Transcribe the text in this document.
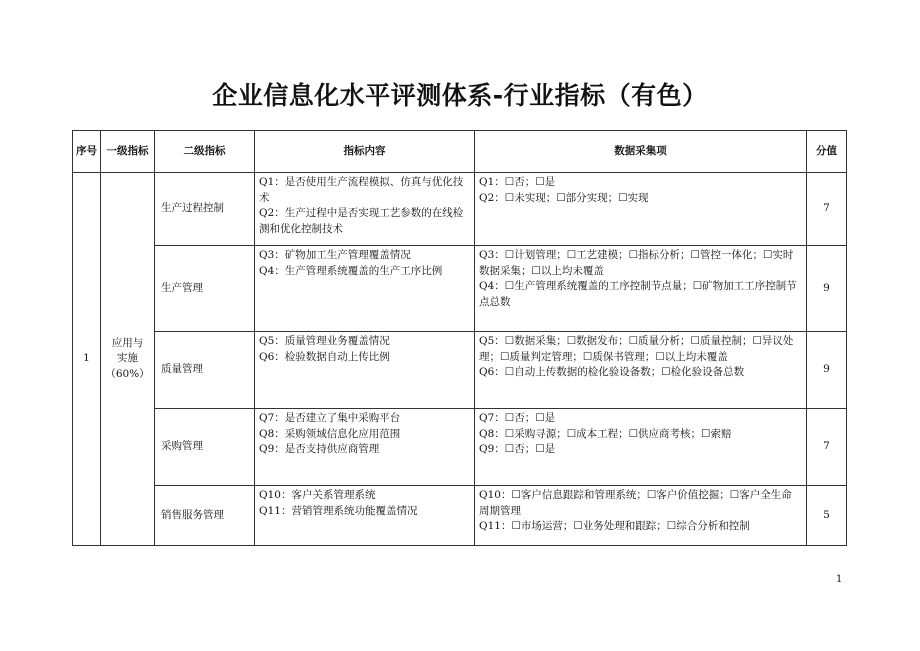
企业信息化水平评测体系-行业指标（有色）
序号	一级指标	二级指标	指标内容	数据采集项	分值
1	应用与
实施
（60%）	生产过程控制	Q1：是否使用生产流程模拟、仿真与优化技术
Q2：生产过程中是否实现工艺参数的在线检测和优化控制技术	Q1：☐否；☐是
Q2：☐未实现；☐部分实现；☐实现	7
		生产管理	Q3：矿物加工生产管理覆盖情况
Q4：生产管理系统覆盖的生产工序比例	Q3：☐计划管理；☐工艺建模；☐指标分析；☐管控一体化；☐实时数据采集；☐以上均未覆盖
Q4：☐生产管理系统覆盖的工序控制节点量；☐矿物加工工序控制节点总数	9
		质量管理	Q5：质量管理业务覆盖情况
Q6：检验数据自动上传比例	Q5：☐数据采集；☐数据发布；☐质量分析；☐质量控制；☐异议处理；☐质量判定管理；☐质保书管理；☐以上均未覆盖
Q6：☐自动上传数据的检化验设备数；☐检化验设备总数	9
		采购管理	Q7：是否建立了集中采购平台
Q8：采购领域信息化应用范围
Q9：是否支持供应商管理	Q7：☐否；☐是
Q8：☐采购寻源；☐成本工程；☐供应商考核；☐索赔
Q9：☐否；☐是	7
		销售服务管理	Q10：客户关系管理系统
Q11：营销管理系统功能覆盖情况	Q10：☐客户信息跟踪和管理系统；☐客户价值挖掘；☐客户全生命周期管理
Q11：☐市场运营；☐业务处理和跟踪；☐综合分析和控制	5
1
